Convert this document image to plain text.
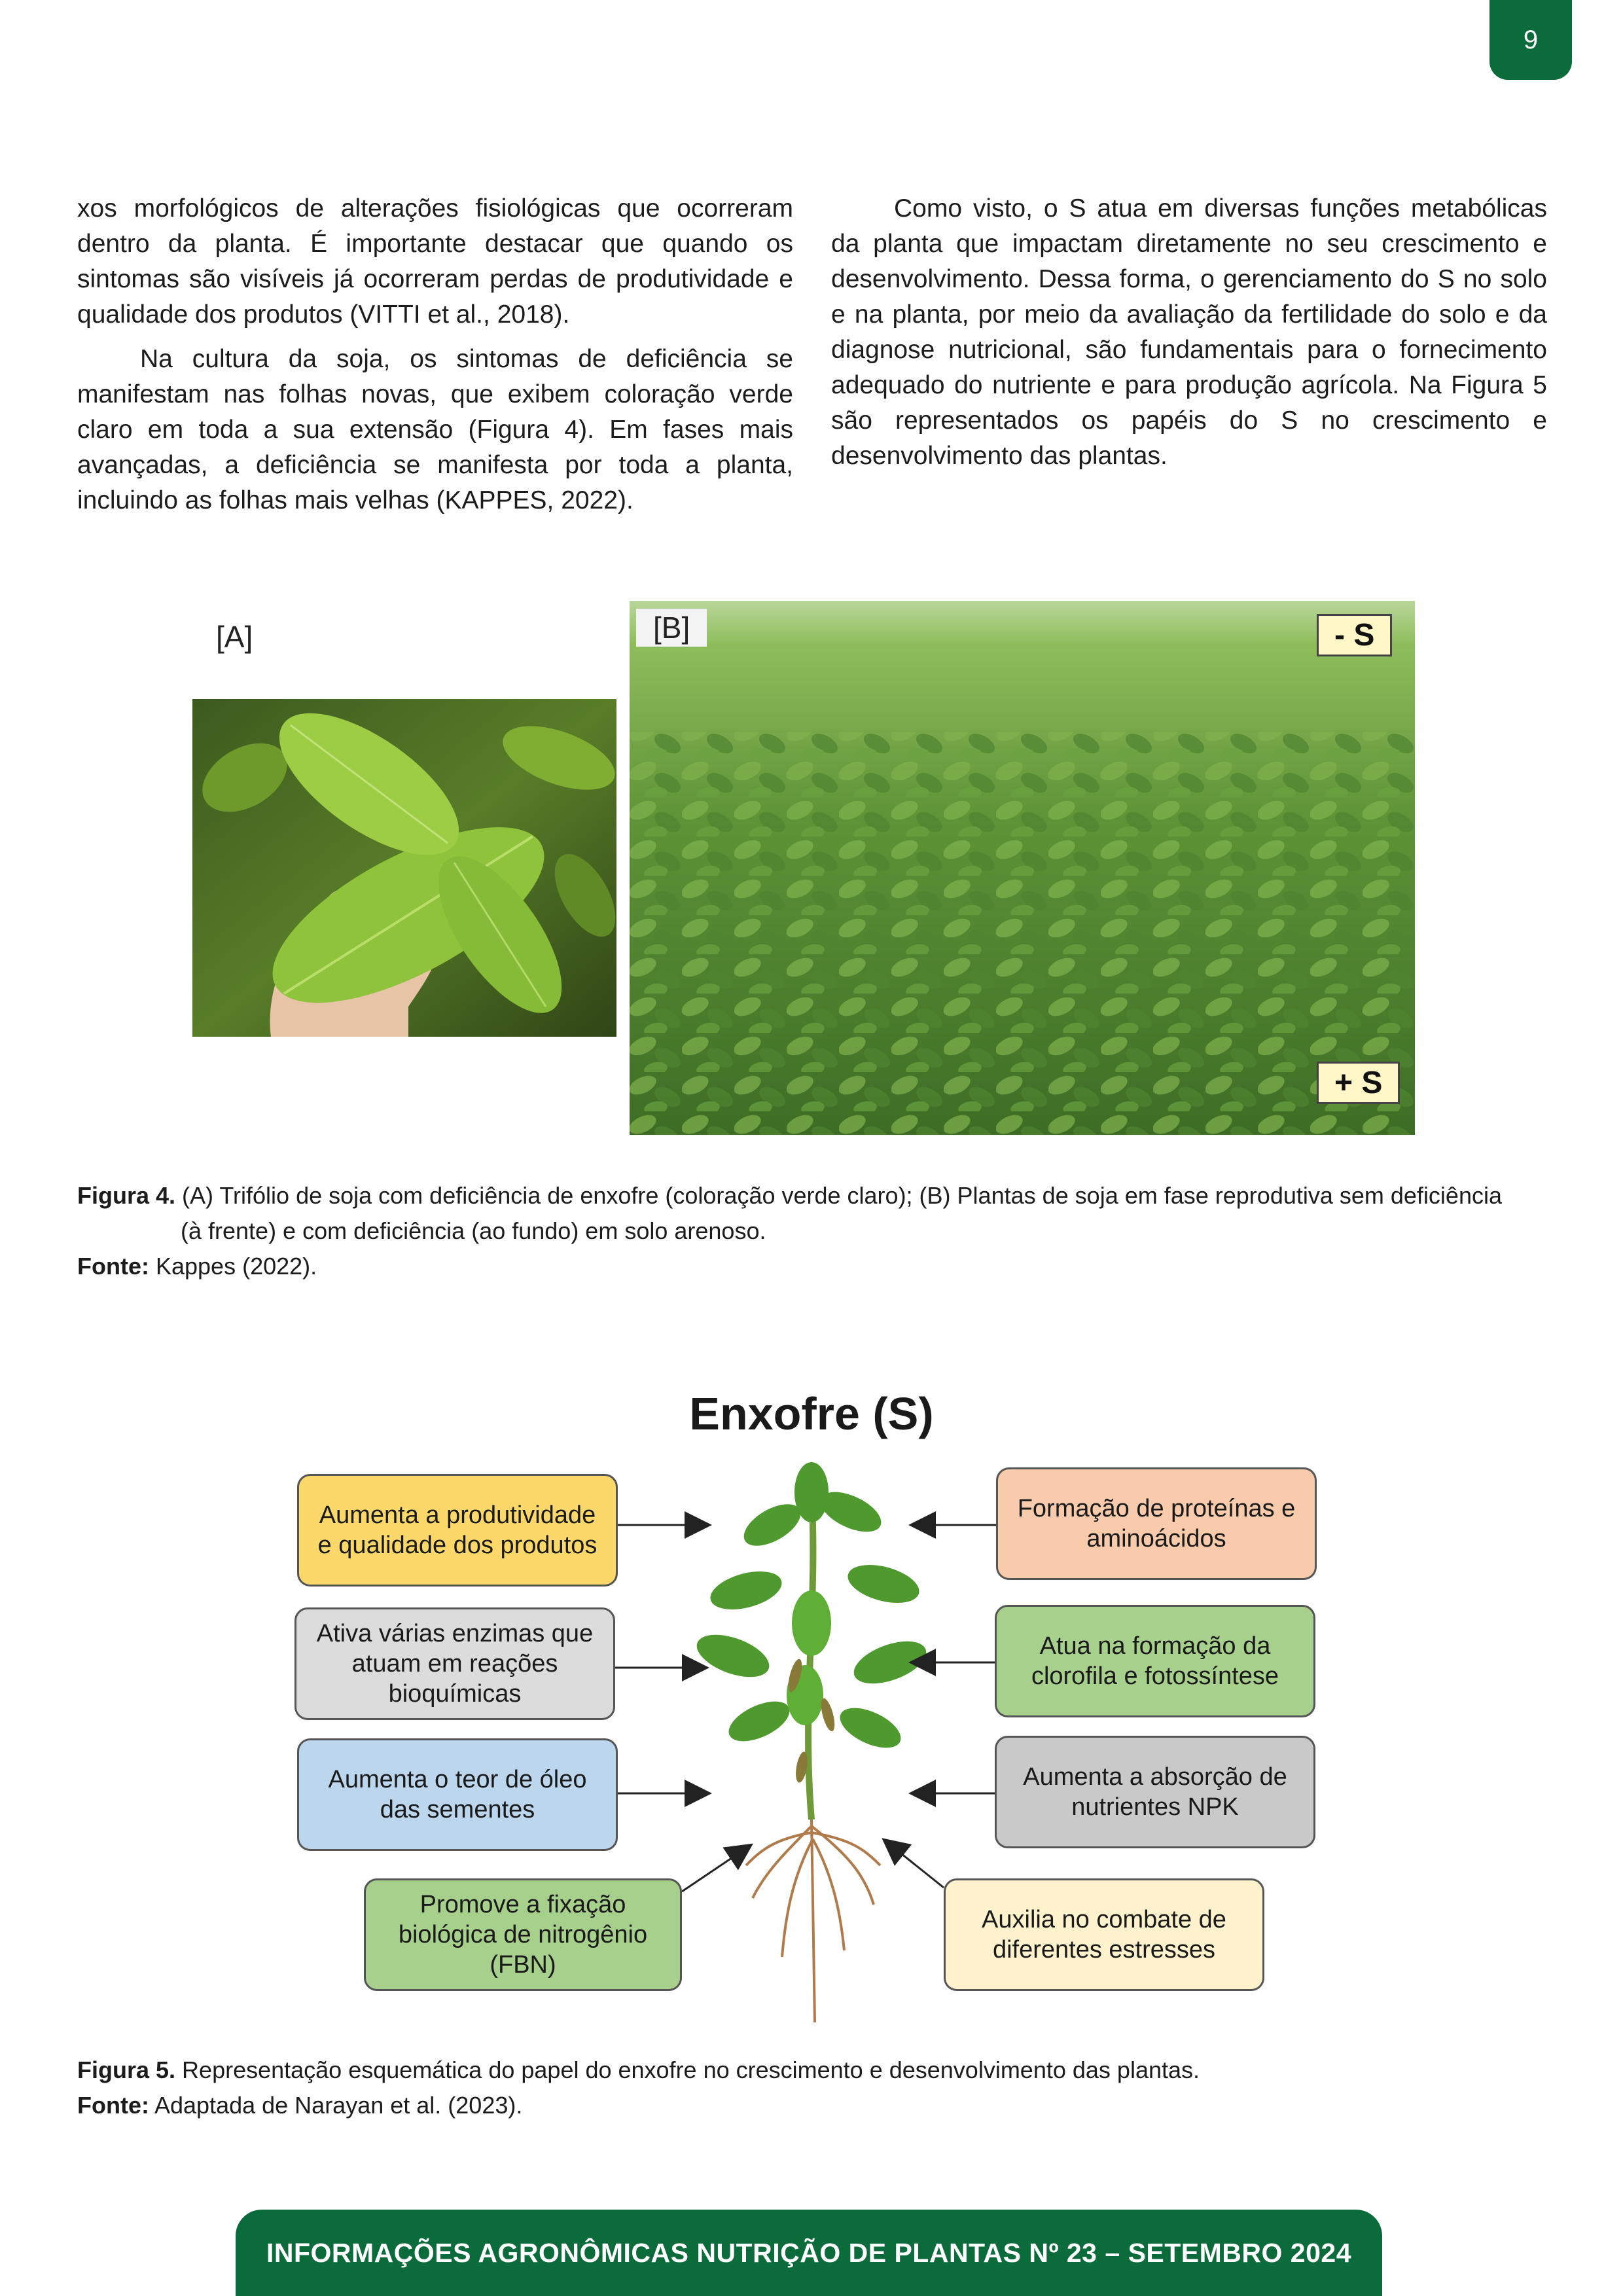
9

xos morfológicos de alterações fisiológicas que ocorreram dentro da planta. É importante destacar que quando os sintomas são visíveis já ocorreram perdas de produtividade e qualidade dos produtos (VITTI et al., 2018).

Na cultura da soja, os sintomas de deficiência se manifestam nas folhas novas, que exibem coloração verde claro em toda a sua extensão (Figura 4). Em fases mais avançadas, a deficiência se manifesta por toda a planta, incluindo as folhas mais velhas (KAPPES, 2022).

Como visto, o S atua em diversas funções metabólicas da planta que impactam diretamente no seu crescimento e desenvolvimento. Dessa forma, o gerenciamento do S no solo e na planta, por meio da avaliação da fertilidade do solo e da diagnose nutricional, são fundamentais para o fornecimento adequado do nutriente e para produção agrícola. Na Figura 5 são representados os papéis do S no crescimento e desenvolvimento das plantas.

[A]	[B]	- S
+ S
Figura 4. (A) Trifólio de soja com deficiência de enxofre (coloração verde claro); (B) Plantas de soja em fase reprodutiva sem deficiência
(à frente) e com deficiência (ao fundo) em solo arenoso.
Fonte: Kappes (2022).
Enxofre (S)
Aumenta a produtividade e qualidade dos produtos
Ativa várias enzimas que atuam em reações bioquímicas
Aumenta o teor de óleo das sementes
Promove a fixação biológica de nitrogênio (FBN)
Formação de proteínas e aminoácidos
Atua na formação da clorofila e fotossíntese
Aumenta a absorção de nutrientes NPK
Auxilia no combate de diferentes estresses
Figura 5. Representação esquemática do papel do enxofre no crescimento e desenvolvimento das plantas.
Fonte: Adaptada de Narayan et al. (2023).
INFORMAÇÕES AGRONÔMICAS NUTRIÇÃO DE PLANTAS Nº 23 – SETEMBRO 2024
